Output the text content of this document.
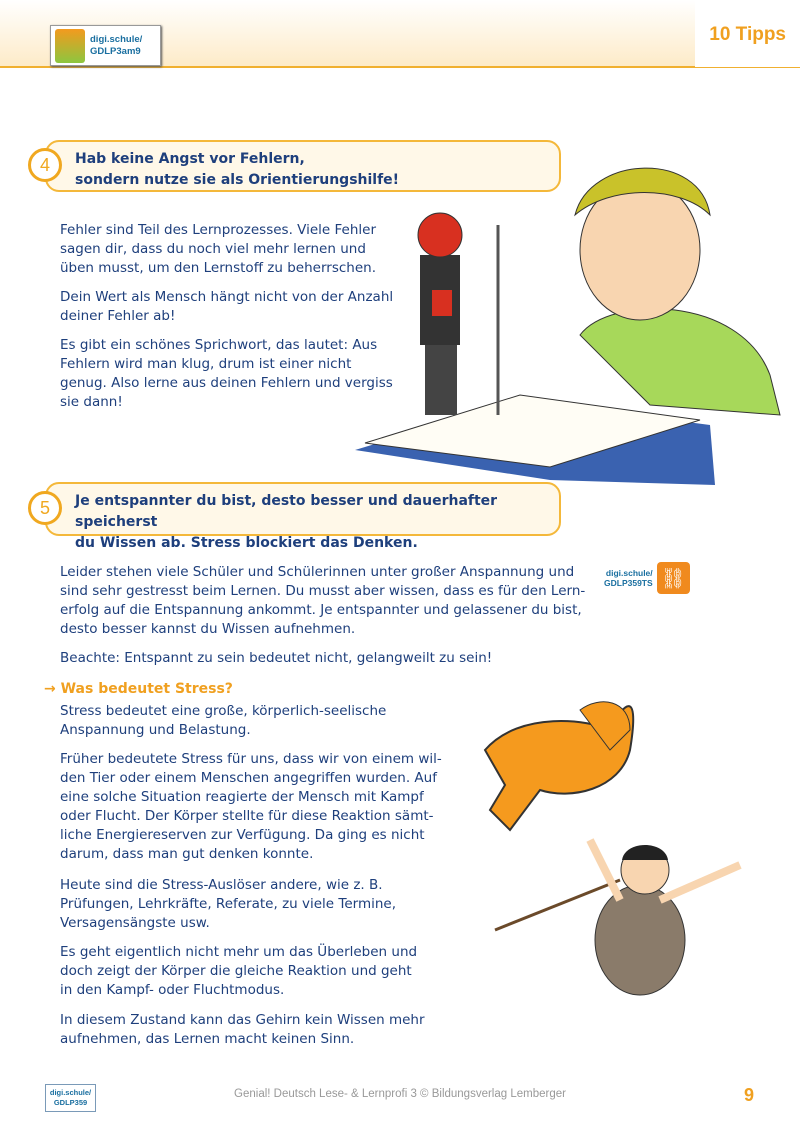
10 Tipps
digi.schule/
GDLP3am9
Hab keine Angst vor Fehlern,
sondern nutze sie als Orientierungshilfe!
4
Fehler sind Teil des Lernprozesses. Viele Fehler
sagen dir, dass du noch viel mehr lernen und
üben musst, um den Lernstoff zu beherrschen.
Dein Wert als Mensch hängt nicht von der Anzahl
deiner Fehler ab!
Es gibt ein schönes Sprichwort, das lautet: Aus
Fehlern wird man klug, drum ist einer nicht
genug. Also lerne aus deinen Fehlern und vergiss
sie dann!
Je entspannter du bist, desto besser und dauerhafter speicherst
du Wissen ab. Stress blockiert das Denken.
5
digi.schule/
GDLP359TS ⛓
Leider stehen viele Schüler und Schülerinnen unter großer Anspannung und
sind sehr gestresst beim Lernen. Du musst aber wissen, dass es für den Lern-
erfolg auf die Entspannung ankommt. Je entspannter und gelassener du bist,
desto besser kannst du Wissen aufnehmen.
Beachte: Entspannt zu sein bedeutet nicht, gelangweilt zu sein!
→ Was bedeutet Stress?
Stress bedeutet eine große, körperlich-seelische
Anspannung und Belastung.
Früher bedeutete Stress für uns, dass wir von einem wil-
den Tier oder einem Menschen angegriffen wurden. Auf
eine solche Situation reagierte der Mensch mit Kampf
oder Flucht. Der Körper stellte für diese Reaktion sämt-
liche Energiereserven zur Verfügung. Da ging es nicht
darum, dass man gut denken konnte.
Heute sind die Stress-Auslöser andere, wie z. B.
Prüfungen, Lehrkräfte, Referate, zu viele Termine,
Versagensängste usw.
Es geht eigentlich nicht mehr um das Überleben und
doch zeigt der Körper die gleiche Reaktion und geht
in den Kampf- oder Fluchtmodus.
In diesem Zustand kann das Gehirn kein Wissen mehr
aufnehmen, das Lernen macht keinen Sinn.
digi.schule/
GDLP359
Genial! Deutsch Lese- & Lernprofi 3 © Bildungsverlag Lemberger	9
